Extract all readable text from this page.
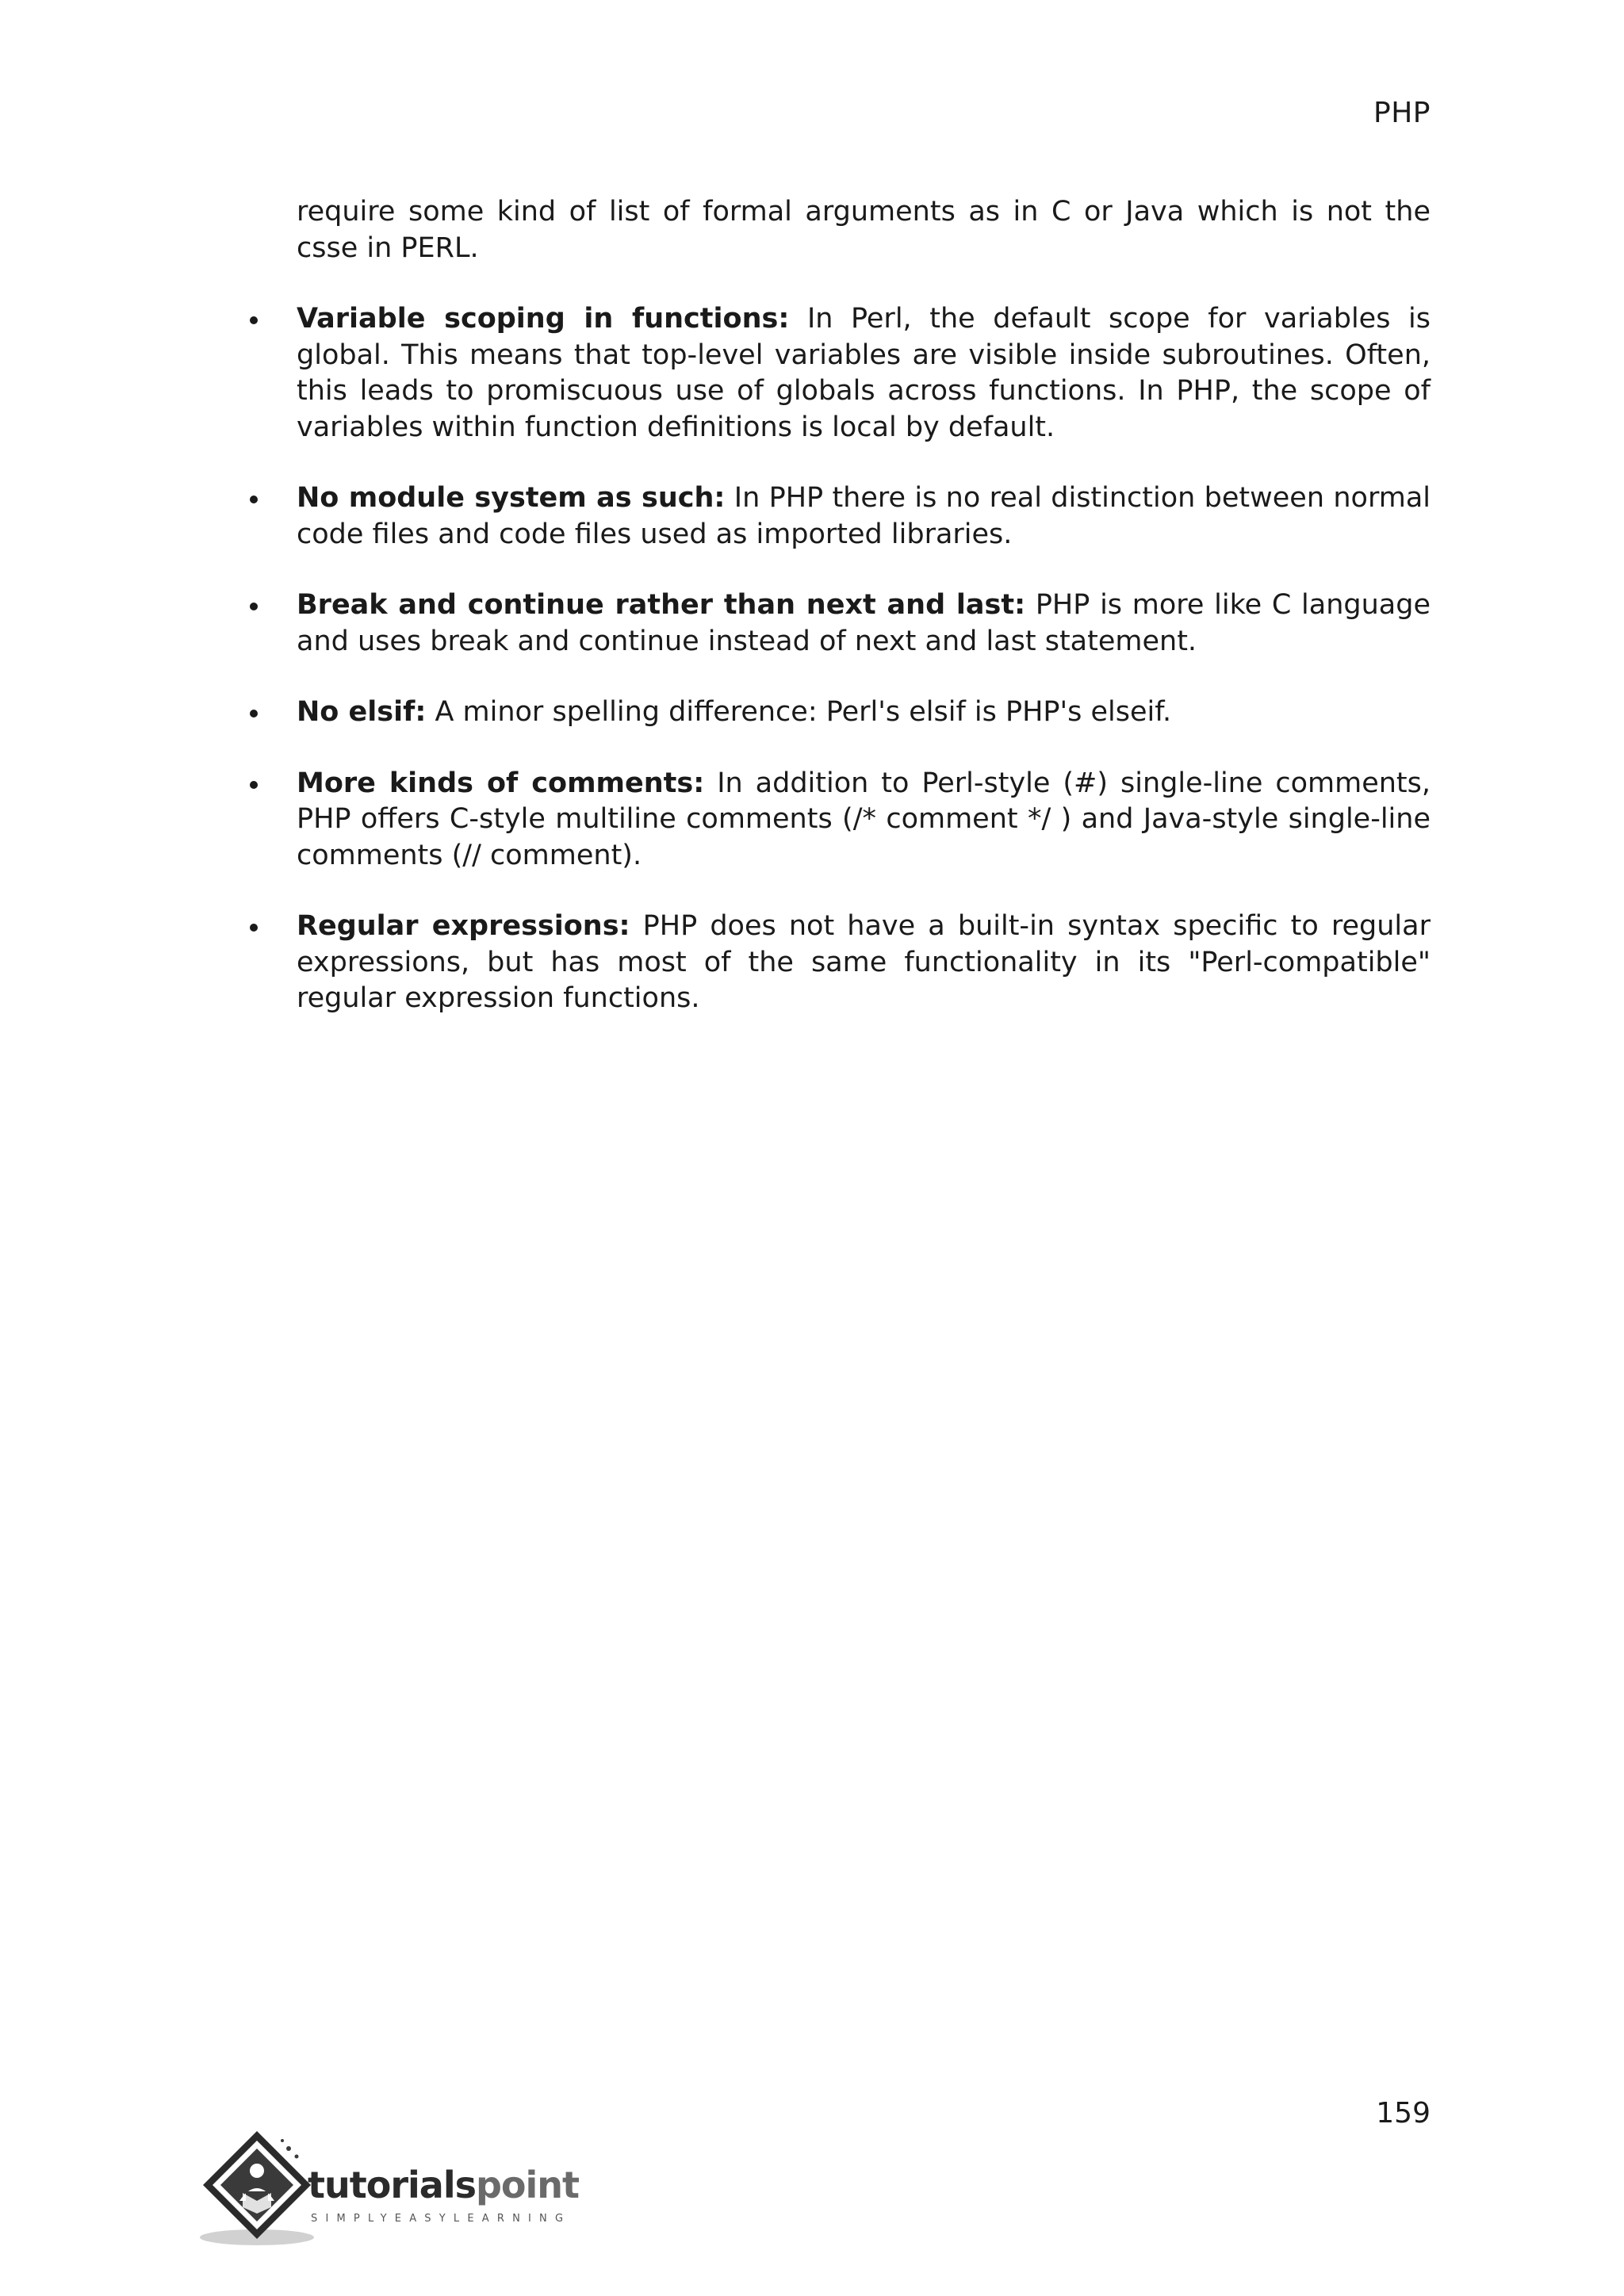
PHP

require some kind of list of formal arguments as in C or Java which is not the csse in PERL.

Variable scoping in functions: In Perl, the default scope for variables is global. This means that top-level variables are visible inside subroutines. Often, this leads to promiscuous use of globals across functions. In PHP, the scope of variables within function definitions is local by default.
No module system as such: In PHP there is no real distinction between normal code files and code files used as imported libraries.
Break and continue rather than next and last: PHP is more like C language and uses break and continue instead of next and last statement.
No elsif: A minor spelling difference: Perl's elsif is PHP's elseif.
More kinds of comments: In addition to Perl-style (#) single-line comments, PHP offers C-style multiline comments (/* comment */ ) and Java-style single-line comments (// comment).
Regular expressions: PHP does not have a built-in syntax specific to regular expressions, but has most of the same functionality in its "Perl-compatible" regular expression functions.
159
tutorialspoint
SIMPLYEASYLEARNING
